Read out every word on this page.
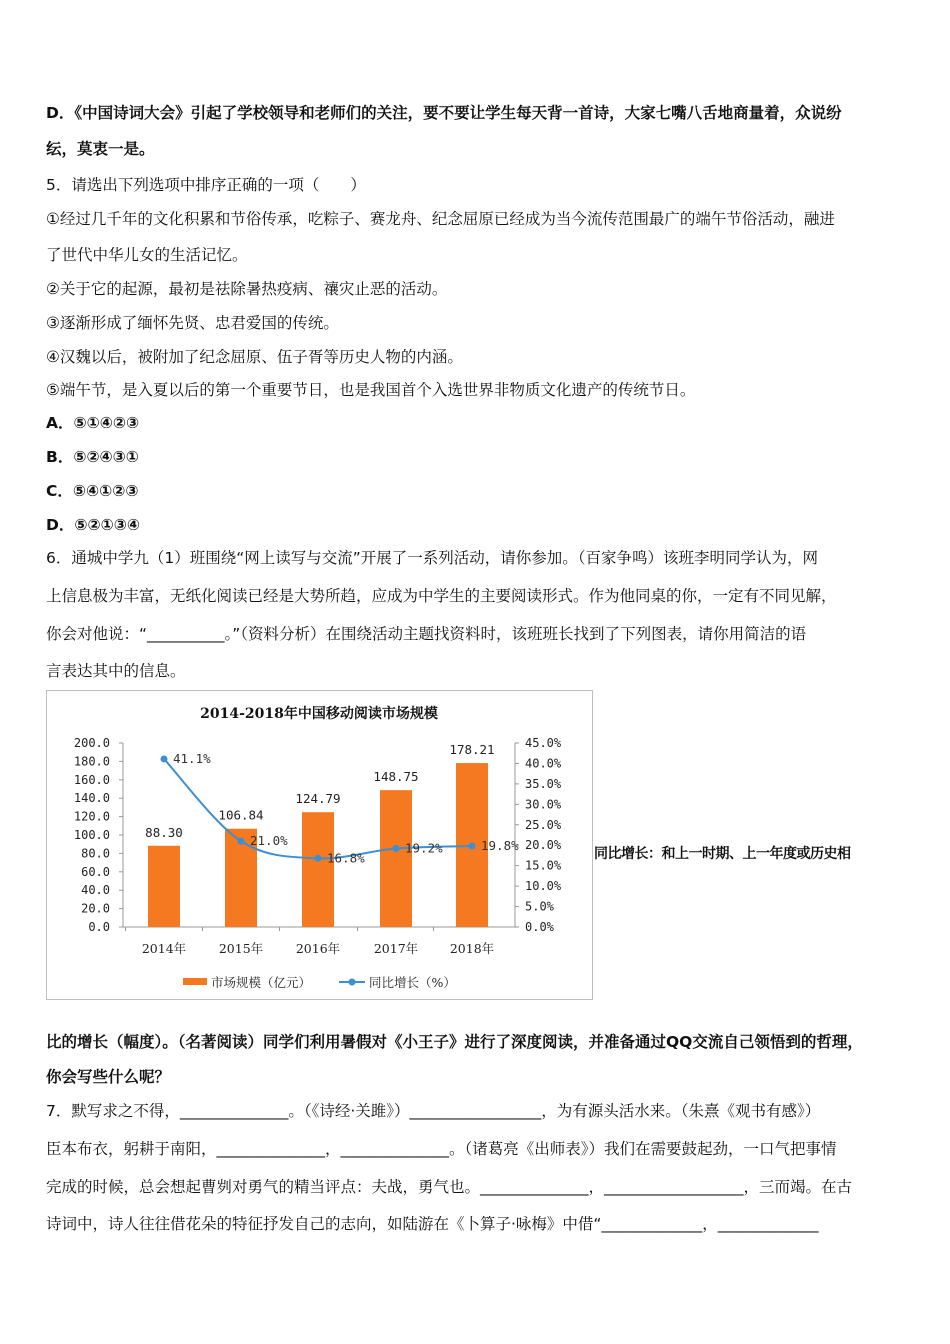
D．《中国诗词大会》引起了学校领导和老师们的关注，要不要让学生每天背一首诗，大家七嘴八舌地商量着，众说纷
纭，莫衷一是。
5．请选出下列选项中排序正确的一项（　　）
①经过几千年的文化积累和节俗传承，吃粽子、赛龙舟、纪念屈原已经成为当今流传范围最广的端午节俗活动，融进
了世代中华儿女的生活记忆。
②关于它的起源，最初是祛除暑热疫病、禳灾止恶的活动。
③逐渐形成了缅怀先贤、忠君爱国的传统。
④汉魏以后，被附加了纪念屈原、伍子胥等历史人物的内涵。
⑤端午节，是入夏以后的第一个重要节日，也是我国首个入选世界非物质文化遗产的传统节日。
A．⑤①④②③
B．⑤②④③①
C．⑤④①②③
D．⑤②①③④
6．通城中学九（1）班围绕“网上读写与交流”开展了一系列活动，请你参加。（百家争鸣）该班李明同学认为，网
上信息极为丰富，无纸化阅读已经是大势所趋，应成为中学生的主要阅读形式。作为他同桌的你，一定有不同见解，
你会对他说：“__________。”（资料分析）在围绕活动主题找资料时，该班班长找到了下列图表，请你用简洁的语
言表达其中的信息。
2014-2018年中国移动阅读市场规模
200.0
180.0
160.0
140.0
120.0
100.0
80.0
60.0
40.0
20.0
0.0
45.0%
40.0%
35.0%
30.0%
25.0%
20.0%
15.0%
10.0%
5.0%
0.0%
88.30
2014年
106.84
2015年
124.79
2016年
148.75
2017年
178.21
2018年
41.1%
21.0%
16.8%
19.2%	19.8%
市场规模（亿元）	同比增长（%）
同比增长：和上一时期、上一年度或历史相
比的增长（幅度）。（名著阅读）同学们利用暑假对《小王子》进行了深度阅读，并准备通过QQ交流自己领悟到的哲理，
你会写些什么呢？
7．默写求之不得，______________。（《诗经·关雎》）_________________，为有源头活水来。（朱熹《观书有感》）
臣本布衣，躬耕于南阳，______________，______________。（诸葛亮《出师表》）我们在需要鼓起劲，一口气把事情
完成的时候，总会想起曹刿对勇气的精当评点：夫战，勇气也。______________，__________________，三而竭。在古
诗词中，诗人往往借花朵的特征抒发自己的志向，如陆游在《卜算子·咏梅》中借“_____________，_____________
